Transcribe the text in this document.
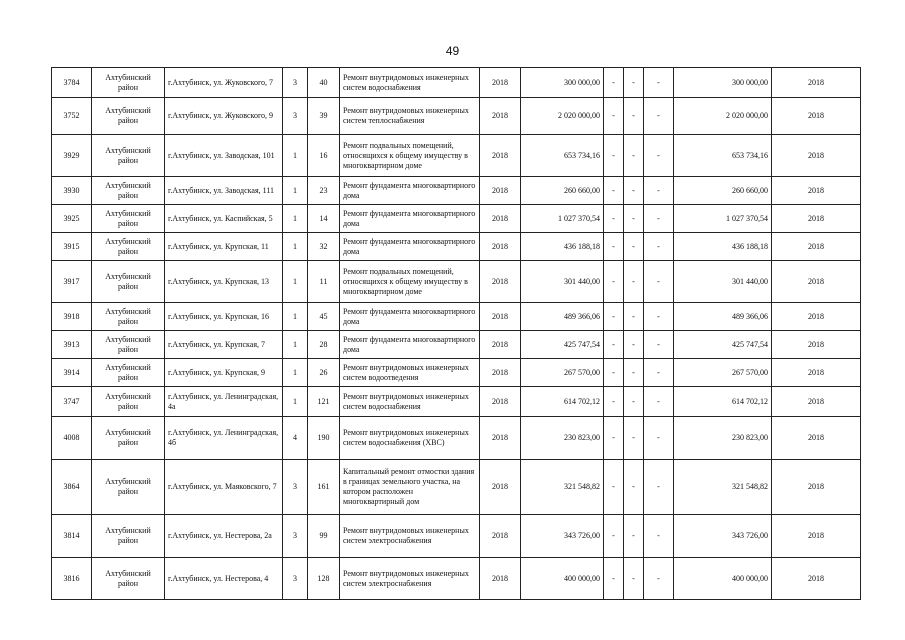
49
3784	Ахтубинский район	г.Ахтубинск, ул. Жуковского, 7	3	40	Ремонт внутридомовых инженерных систем водоснабжения	2018	300 000,00	-	-	-	300 000,00	2018
3752	Ахтубинский район	г.Ахтубинск, ул. Жуковского, 9	3	39	Ремонт внутридомовых инженерных систем теплоснабжения	2018	2 020 000,00	-	-	-	2 020 000,00	2018
3929	Ахтубинский район	г.Ахтубинск, ул. Заводская, 101	1	16	Ремонт подвальных помещений, относящихся к общему имуществу в многоквартирном доме	2018	653 734,16	-	-	-	653 734,16	2018
3930	Ахтубинский район	г.Ахтубинск, ул. Заводская, 111	1	23	Ремонт фундамента многоквартирного дома	2018	260 660,00	-	-	-	260 660,00	2018
3925	Ахтубинский район	г.Ахтубинск, ул. Каспийская, 5	1	14	Ремонт фундамента многоквартирного дома	2018	1 027 370,54	-	-	-	1 027 370,54	2018
3915	Ахтубинский район	г.Ахтубинск, ул. Крупская, 11	1	32	Ремонт фундамента многоквартирного дома	2018	436 188,18	-	-	-	436 188,18	2018
3917	Ахтубинский район	г.Ахтубинск, ул. Крупская, 13	1	11	Ремонт подвальных помещений, относящихся к общему имуществу в многоквартирном доме	2018	301 440,00	-	-	-	301 440,00	2018
3918	Ахтубинский район	г.Ахтубинск, ул. Крупская, 16	1	45	Ремонт фундамента многоквартирного дома	2018	489 366,06	-	-	-	489 366,06	2018
3913	Ахтубинский район	г.Ахтубинск, ул. Крупская, 7	1	28	Ремонт фундамента многоквартирного дома	2018	425 747,54	-	-	-	425 747,54	2018
3914	Ахтубинский район	г.Ахтубинск, ул. Крупская, 9	1	26	Ремонт внутридомовых инженерных систем водоотведения	2018	267 570,00	-	-	-	267 570,00	2018
3747	Ахтубинский район	г.Ахтубинск, ул. Ленинградская, 4а	1	121	Ремонт внутридомовых инженерных систем водоснабжения	2018	614 702,12	-	-	-	614 702,12	2018
4008	Ахтубинский район	г.Ахтубинск, ул. Ленинградская, 4б	4	190	Ремонт внутридомовых инженерных систем водоснабжения (ХВС)	2018	230 823,00	-	-	-	230 823,00	2018
3864	Ахтубинский район	г.Ахтубинск, ул. Маяковского, 7	3	161	Капитальный ремонт отмостки здания в границах земельного участка, на котором расположен многоквартирный дом	2018	321 548,82	-	-	-	321 548,82	2018
3814	Ахтубинский район	г.Ахтубинск, ул. Нестерова, 2а	3	99	Ремонт внутридомовых инженерных систем электроснабжения	2018	343 726,00	-	-	-	343 726,00	2018
3816	Ахтубинский район	г.Ахтубинск, ул. Нестерова, 4	3	128	Ремонт внутридомовых инженерных систем электроснабжения	2018	400 000,00	-	-	-	400 000,00	2018
